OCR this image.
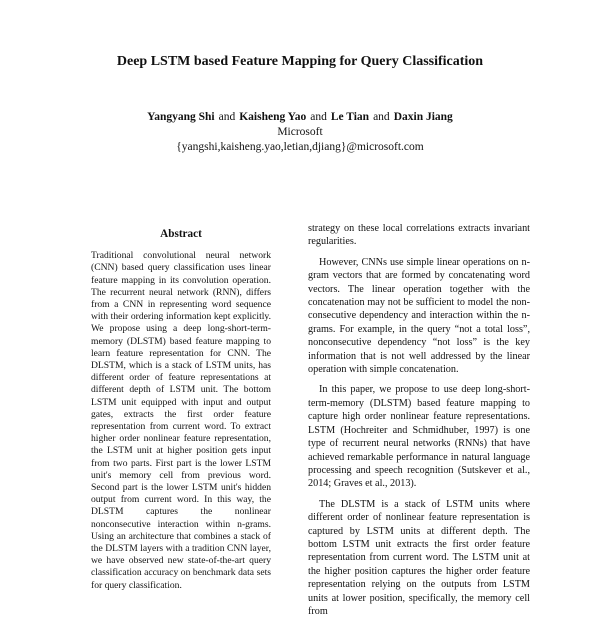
Deep LSTM based Feature Mapping for Query Classification
Yangyang Shi and Kaisheng Yao and Le Tian and Daxin Jiang
Microsoft
{yangshi,kaisheng.yao,letian,djiang}@microsoft.com
Abstract
Traditional convolutional neural network (CNN) based query classification uses linear feature mapping in its convolution operation. The recurrent neural network (RNN), differs from a CNN in representing word sequence with their ordering information kept explicitly. We propose using a deep long-short-term-memory (DLSTM) based feature mapping to learn feature representation for CNN. The DLSTM, which is a stack of LSTM units, has different order of feature representations at different depth of LSTM unit. The bottom LSTM unit equipped with input and output gates, extracts the first order feature representation from current word. To extract higher order nonlinear feature representation, the LSTM unit at higher position gets input from two parts. First part is the lower LSTM unit's memory cell from previous word. Second part is the lower LSTM unit's hidden output from current word. In this way, the DLSTM captures the nonlinear nonconsecutive interaction within n-grams. Using an architecture that combines a stack of the DLSTM layers with a tradition CNN layer, we have observed new state-of-the-art query classification accuracy on benchmark data sets for query classification.

strategy on these local correlations extracts invariant regularities.

However, CNNs use simple linear operations on n-gram vectors that are formed by concatenating word vectors. The linear operation together with the concatenation may not be sufficient to model the non-consecutive dependency and interaction within the n-grams. For example, in the query “not a total loss”, nonconsecutive dependency “not loss” is the key information that is not well addressed by the linear operation with simple concatenation.

In this paper, we propose to use deep long-short-term-memory (DLSTM) based feature mapping to capture high order nonlinear feature representations. LSTM (Hochreiter and Schmidhuber, 1997) is one type of recurrent neural networks (RNNs) that have achieved remarkable performance in natural language processing and speech recognition (Sutskever et al., 2014; Graves et al., 2013).

The DLSTM is a stack of LSTM units where different order of nonlinear feature representation is captured by LSTM units at different depth. The bottom LSTM unit extracts the first order feature representation from current word. The LSTM unit at the higher position captures the higher order feature representation relying on the outputs from LSTM units at lower position, specifically, the memory cell from
